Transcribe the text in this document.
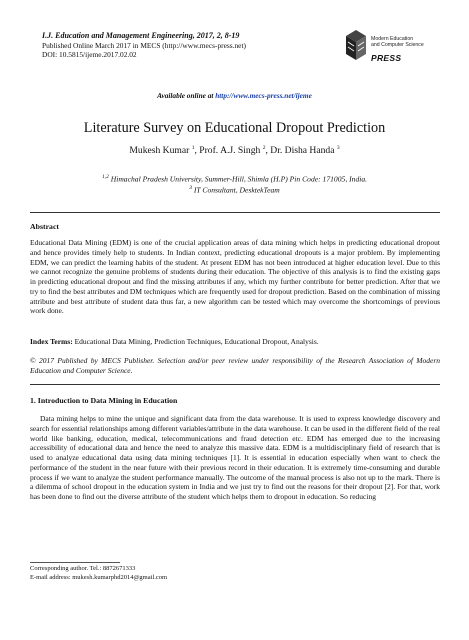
I.J. Education and Management Engineering, 2017, 2, 8-19
Published Online March 2017 in MECS (http://www.mecs-press.net)
DOI: 10.5815/ijeme.2017.02.02
Modern Education
and Computer Science
PRESS
Available online at http://www.mecs-press.net/ijeme
Literature Survey on Educational Dropout Prediction
Mukesh Kumar $^1$, Prof. A.J. Singh $^2$, Dr. Disha Handa $^3$
$^{1,2}$ Himachal Pradesh University, Summer-Hill, Shimla (H.P) Pin Code: 171005, India.
$^3$ IT Consultant, DesktekTeam
Abstract

Educational Data Mining (EDM) is one of the crucial application areas of data mining which helps in predicting educational dropout and hence provides timely help to students. In Indian context, predicting educational dropouts is a major problem. By implementing EDM, we can predict the learning habits of the student. At present EDM has not been introduced at higher education level. Due to this we cannot recognize the genuine problems of students during their education. The objective of this analysis is to find the existing gaps in predicting educational dropout and find the missing attributes if any, which my further contribute for better prediction. After that we try to find the best attributes and DM techniques which are frequently used for dropout prediction. Based on the combination of missing attribute and best attribute of student data thus far, a new algorithm can be tested which may overcome the shortcomings of previous work done.

Index Terms: Educational Data Mining, Prediction Techniques, Educational Dropout, Analysis.

© 2017 Published by MECS Publisher. Selection and/or peer review under responsibility of the Research Association of Modern Education and Computer Science.

1. Introduction to Data Mining in Education

Data mining helps to mine the unique and significant data from the data warehouse. It is used to express knowledge discovery and search for essential relationships among different variables/attribute in the data warehouse. It can be used in the different field of the real world like banking, education, medical, telecommunications and fraud detection etc. EDM has emerged due to the increasing accessibility of educational data and hence the need to analyze this massive data. EDM is a multidisciplinary field of research that is used to analyze educational data using data mining techniques [1]. It is essential in education especially when want to check the performance of the student in the near future with their previous record in their education. It is extremely time-consuming and durable process if we want to analyze the student performance manually. The outcome of the manual process is also not up to the mark. There is a dilemma of school dropout in the education system in India and we just try to find out the reasons for their dropout [2]. For that, work has been done to find out the diverse attribute of the student which helps them to dropout in education. So reducing

Corresponding author. Tel.: 8872671333
E-mail address: mukesh.kumarphd2014@gmail.com
